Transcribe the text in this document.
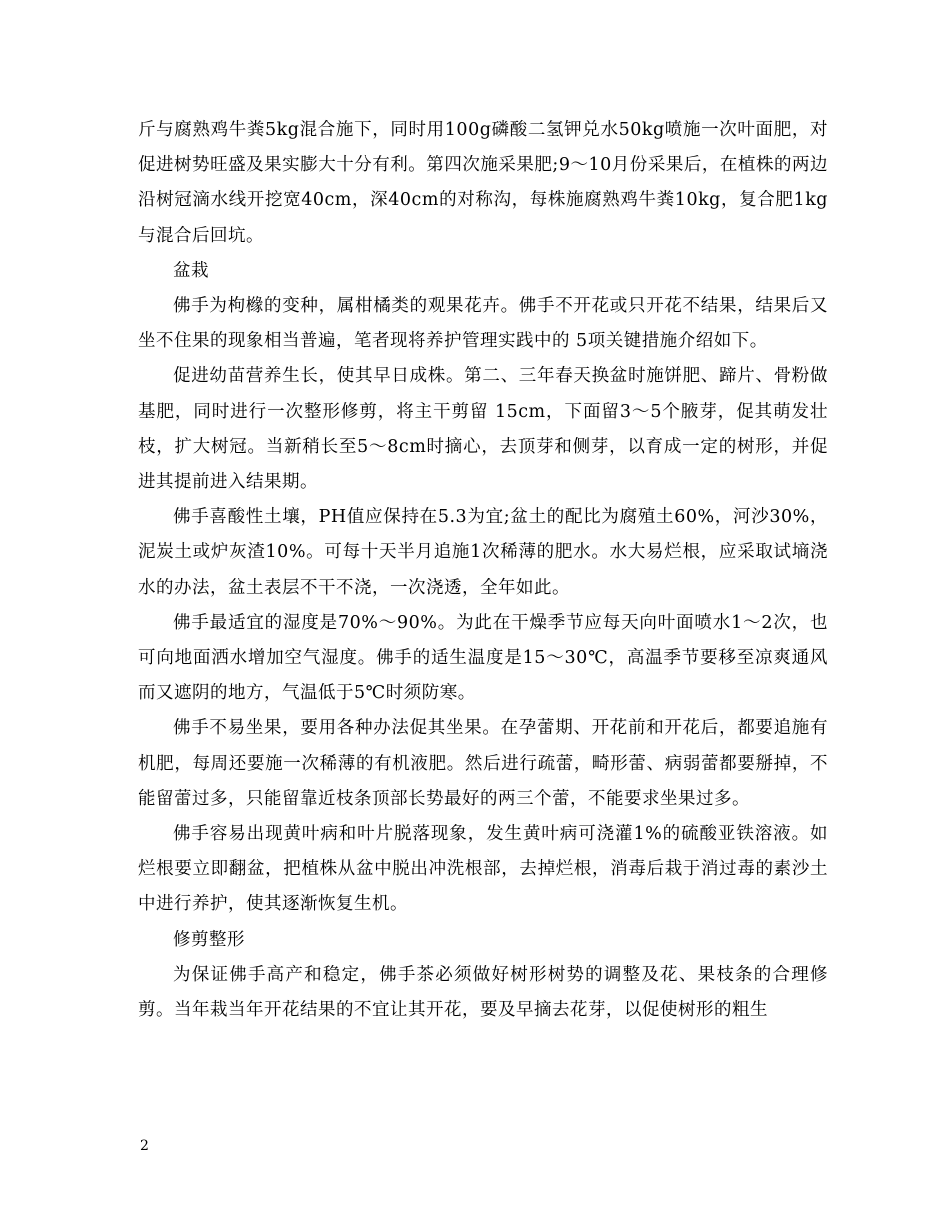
斤与腐熟鸡牛粪5kg混合施下，同时用100g磷酸二氢钾兑水50kg喷施一次叶面肥，对促进树势旺盛及果实膨大十分有利。第四次施采果肥;9～10月份采果后，在植株的两边沿树冠滴水线开挖宽40cm，深40cm的对称沟，每株施腐熟鸡牛粪10kg，复合肥1kg与混合后回坑。

盆栽

佛手为枸橼的变种，属柑橘类的观果花卉。佛手不开花或只开花不结果，结果后又坐不住果的现象相当普遍，笔者现将养护管理实践中的 5项关键措施介绍如下。

促进幼苗营养生长，使其早日成株。第二、三年春天换盆时施饼肥、蹄片、骨粉做基肥，同时进行一次整形修剪，将主干剪留 15cm，下面留3～5个腋芽，促其萌发壮枝，扩大树冠。当新稍长至5～8cm时摘心，去顶芽和侧芽，以育成一定的树形，并促进其提前进入结果期。

佛手喜酸性土壤，PH值应保持在5.3为宜;盆土的配比为腐殖土60%，河沙30%，泥炭土或炉灰渣10%。可每十天半月追施1次稀薄的肥水。水大易烂根，应采取试墒浇水的办法，盆土表层不干不浇，一次浇透，全年如此。

佛手最适宜的湿度是70%～90%。为此在干燥季节应每天向叶面喷水1～2次，也可向地面洒水增加空气湿度。佛手的适生温度是15～30℃，高温季节要移至凉爽通风而又遮阴的地方，气温低于5℃时须防寒。

佛手不易坐果，要用各种办法促其坐果。在孕蕾期、开花前和开花后，都要追施有机肥，每周还要施一次稀薄的有机液肥。然后进行疏蕾，畸形蕾、病弱蕾都要掰掉，不能留蕾过多，只能留靠近枝条顶部长势最好的两三个蕾，不能要求坐果过多。

佛手容易出现黄叶病和叶片脱落现象，发生黄叶病可浇灌1%的硫酸亚铁溶液。如烂根要立即翻盆，把植株从盆中脱出冲洗根部，去掉烂根，消毒后栽于消过毒的素沙土中进行养护，使其逐渐恢复生机。

修剪整形

为保证佛手高产和稳定，佛手茶必须做好树形树势的调整及花、果枝条的合理修剪。当年栽当年开花结果的不宜让其开花，要及早摘去花芽，以促使树形的粗生

2
